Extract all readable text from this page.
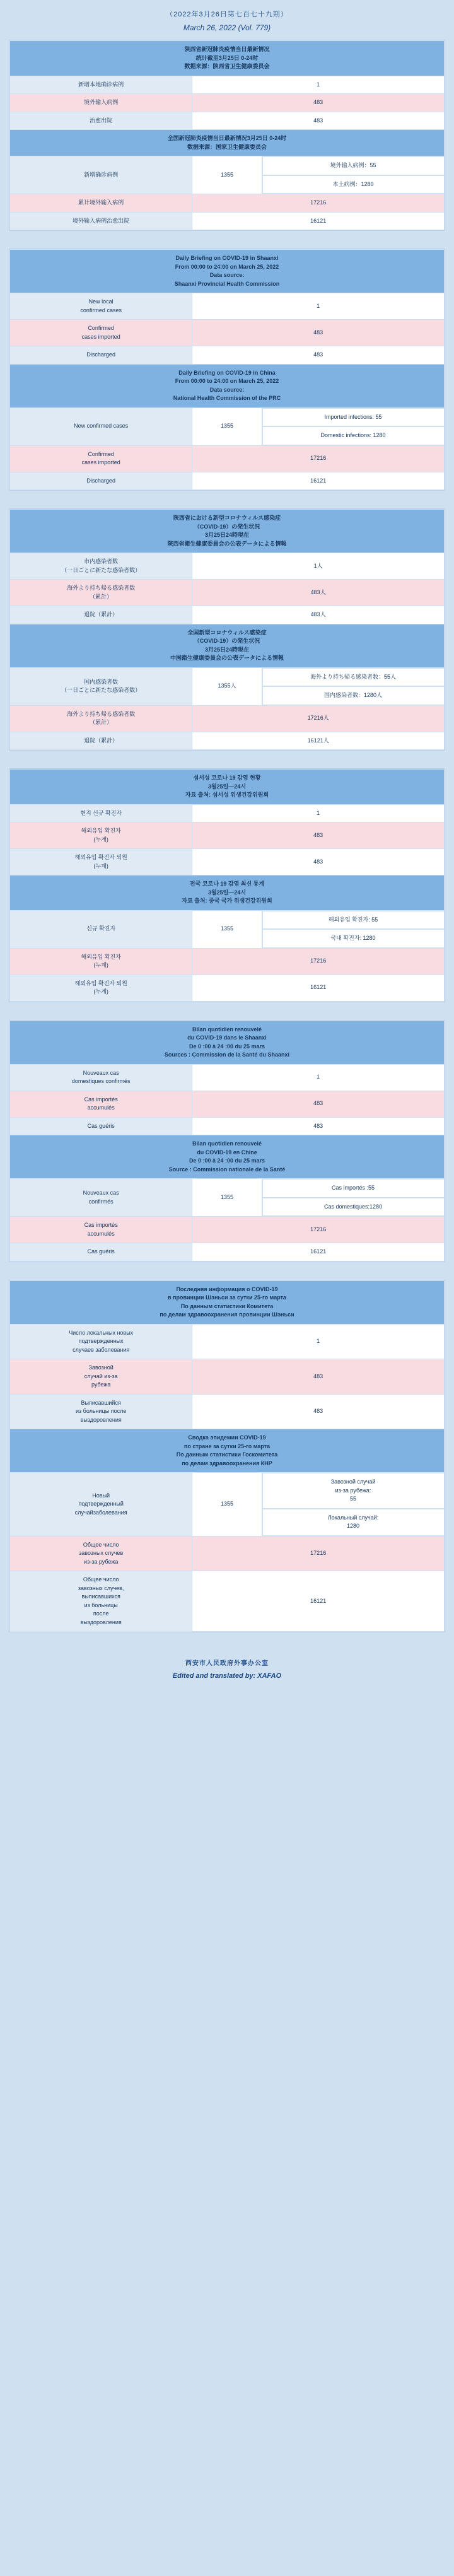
（2022年3月26日第七百七十九期）
March 26, 2022 (Vol. 779)
陕西省新冠肺炎疫情当日最新情况
统计截至3月25日 0-24时
数据来源：陕西省卫生健康委员会		

新增本地确诊病例	1	
境外输入病例	483	
治愈出院	483	

全国新冠肺炎疫情当日最新情况3月25日 0-24时
数据来源：国家卫生健康委员会		

新增确诊病例	1355	境外输入病例：55
本土病例：1280

累计境外输入病例	17216	
境外输入病例治愈出院	16121	
Daily Briefing on COVID-19 in Shaanxi
From 00:00 to 24:00 on March 25, 2022
Data source:
Shaanxi Provincial Health Commission		

New local
confirmed cases	1	
Confirmed
cases imported	483	
Discharged	483	

Daily Briefing on COVID-19 in China
From 00:00 to 24:00 on March 25, 2022
Data source:
National Health Commission of the PRC		

New confirmed cases	1355	Imported infections: 55
Domestic infections: 1280

Confirmed
cases imported	17216	
Discharged	16121	
陝西省における新型コロナウィルス感染症
（COVID-19）の発生状況
3月25日24時現在
陝西省衛生健康委員会の公表データによる情報		

市内感染者数
（一日ごとに新たな感染者数）	1人	
海外より持ち帰る感染者数
（累計）	483人	
退院（累計）	483人	

全国新型コロナウィルス感染症
（COVID-19）の発生状況
3月25日24時現在
中国衛生健康委員会の公表データによる情報		

国内感染者数
（一日ごとに新たな感染者数）	1355人	
海外より持ち帰る感染者数：55人
国内感染者数：1280人

海外より持ち帰る感染者数
（累計）	17216人	
退院（累計）	16121人	
섬서성 코로나 19 감염 현황
3월25일—24시
자료 출처: 섬서성 위생건강위원회		

현지 신규 확진자	1	
해외유입 확진자
(누계)	483	
해외유입 확진자 퇴원
(누계)	483	

전국 코로나 19 감염 최신 통계
3월25일—24시
자료 출처: 중국 국가 위생건강위원회		

신규 확진자	1355	해외유입 확진자: 55
국내 확진자: 1280

해외유입 확진자
(누계)	17216	
해외유입 확진자 퇴원
(누계)	16121	
Bilan quotidien renouvelé
du COVID-19 dans le Shaanxi
De 0 :00 à 24 :00 du 25 mars
Sources : Commission de la Santé du Shaanxi		

Nouveaux cas
domestiques confirmés	1	
Cas importés
accumulés	483	
Cas guéris	483	

Bilan quotidien renouvelé
du COVID-19 en Chine
De 0 :00 à 24 :00 du 25 mars
Source : Commission nationale de la Santé		

Nouveaux cas
confirmés	1355	
Cas importés :55
Cas domestiques:1280

Cas importés
accumulés	17216	
Cas guéris	16121	
Последняя информация о COVID-19
в провинции Шэньси за сутки 25-го марта
По данным статистики Комитета
по делам здравоохранения провинции Шэньси		

Число локальных новых
подтвержденных
случаев заболевания	1	
Завозной
случай из-за
рубежа	483	
Выписавшийся
из больницы после
выздоровления	483	

Сводка эпидемии COVID-19
по стране за сутки 25-го марта
По данным статистики Госкомитета
по делам здравоохранения КНР		

Новый
подтвержденный
случайзаболевания	1355	
Завозной случай
из-за рубежа:
55
Локальный случай:
1280

Общее число
завозных случев
из-за рубежа	17216	
Общее число
завозных случев,
выписавшихся
из больницы
после
выздоровления	16121
西安市人民政府外事办公室
Edited and translated by: XAFAO
